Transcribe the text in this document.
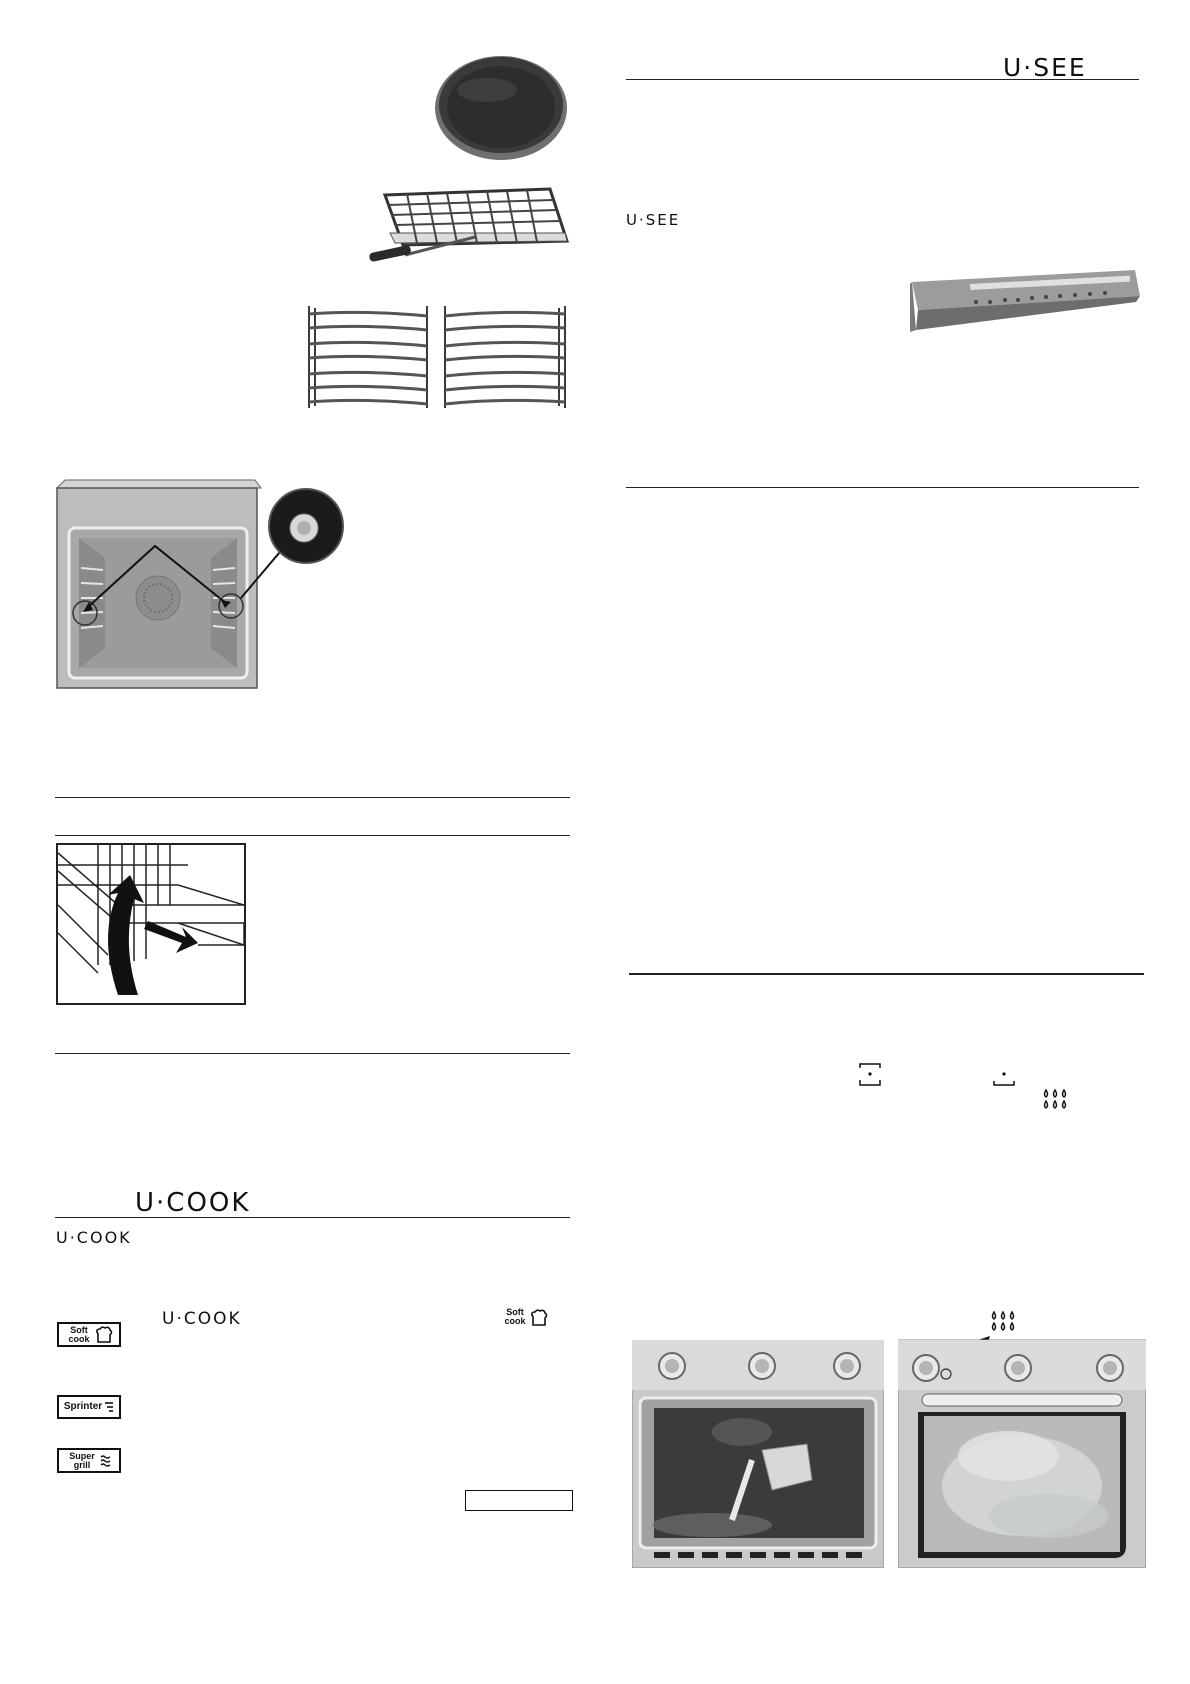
U·COOK
U·COOK
U·COOK	Soft cook
Soft cook
Sprinter
Super grill
U·SEE
U·SEE
